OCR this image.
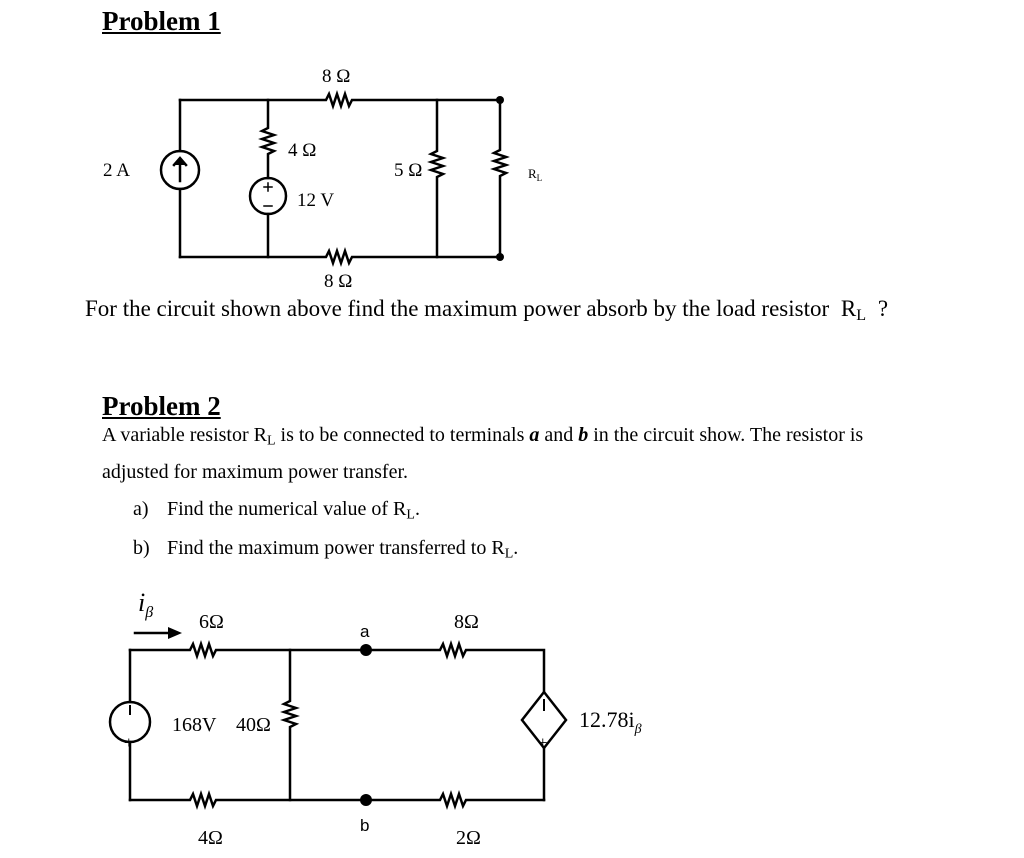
Problem 1
8 Ω
2 A
4 Ω
12 V
5 Ω	$R_L$
8 Ω
$i_\beta$ 6Ω	a	8Ω
+
168V 40Ω
+
$12.78i_\beta$
4Ω
b
2Ω
For the circuit shown above find the maximum power absorb by the load resistor $R_L$ ?
Problem 2
A variable resistor $R_L$ is to be connected to terminals a and b in the circuit show. The resistor is
adjusted for maximum power transfer.
a) Find the numerical value of $R_L$.
b) Find the maximum power transferred to $R_L$.
